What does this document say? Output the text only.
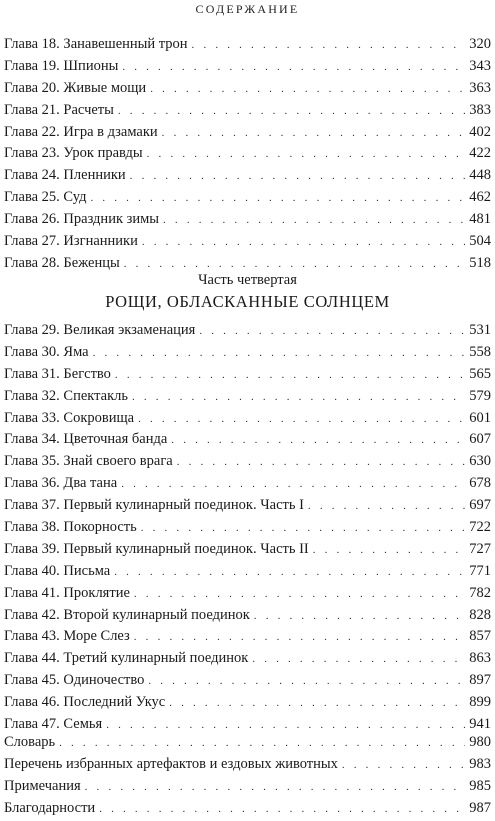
СОДЕРЖАНИЕ
Глава 18. Занавешенный трон . . .	320
Глава 19. Шпионы . . .	343
Глава 20. Живые мощи . . .	363
Глава 21. Расчеты . . .	383
Глава 22. Игра в дзамаки . . .	402
Глава 23. Урок правды . . .	422
Глава 24. Пленники . . .	448
Глава 25. Суд . . .	462
Глава 26. Праздник зимы . . .	481
Глава 27. Изгнанники . . .	504
Глава 28. Беженцы . . .	518
Часть четвертая
РОЩИ, ОБЛАСКАННЫЕ СОЛНЦЕМ
Глава 29. Великая экзаменация . . .	531
Глава 30. Яма . . .	558
Глава 31. Бегство . . .	565
Глава 32. Спектакль . . .	579
Глава 33. Сокровища . . .	601
Глава 34. Цветочная банда . . .	607
Глава 35. Знай своего врага . . .	630
Глава 36. Два тана . . .	678
Глава 37. Первый кулинарный поединок. Часть I . . .	697
Глава 38. Покорность . . .	722
Глава 39. Первый кулинарный поединок. Часть II . . .	727
Глава 40. Письма . . .	771
Глава 41. Проклятие . . .	782
Глава 42. Второй кулинарный поединок . . .	828
Глава 43. Море Слез . . .	857
Глава 44. Третий кулинарный поединок . . .	863
Глава 45. Одиночество . . .	897
Глава 46. Последний Укус . . .	899
Глава 47. Семья . . .	941
Словарь . . .	980
Перечень избранных артефактов и ездовых животных . . .	983
Примечания . . .	985
Благодарности . . .	987
